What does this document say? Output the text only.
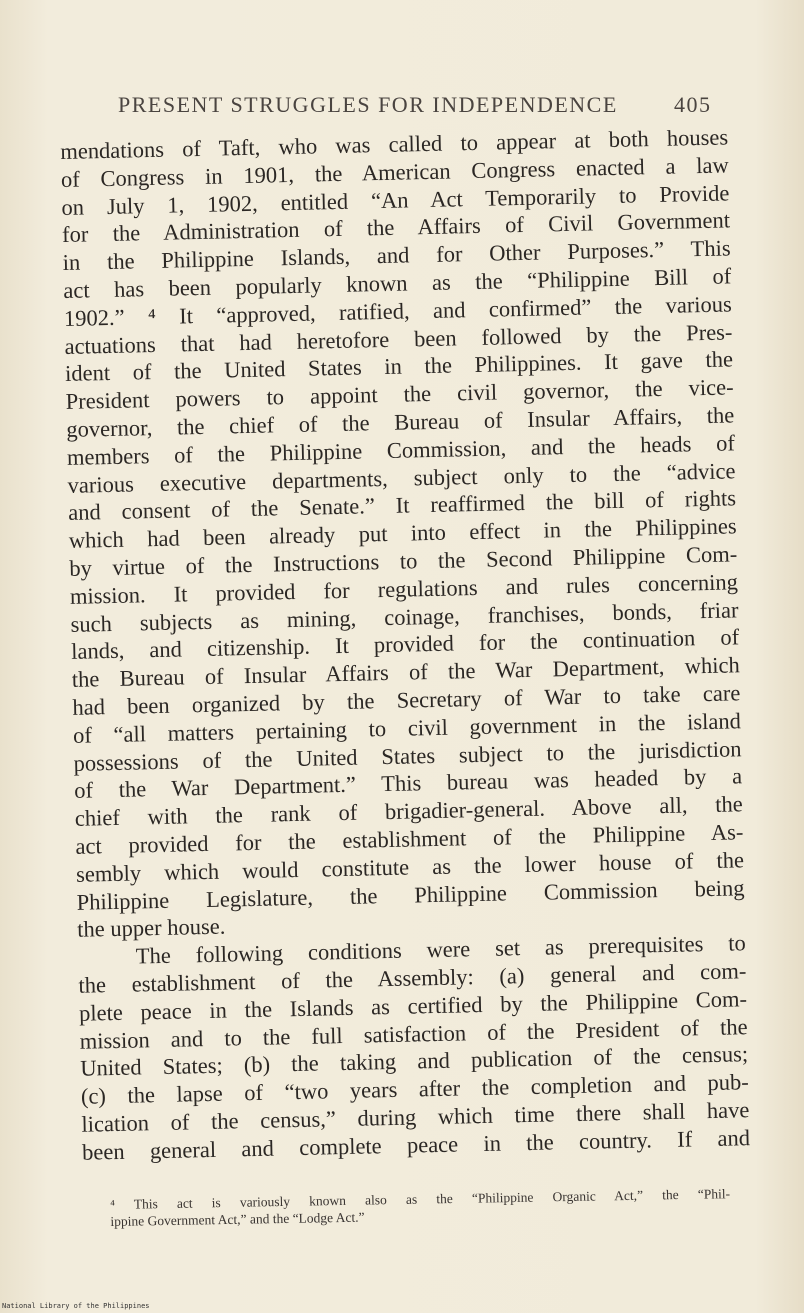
PRESENT STRUGGLES FOR INDEPENDENCE	405
mendations of Taft, who was called to appear at both houses
of Congress in 1901, the American Congress enacted a law
on July 1, 1902, entitled “An Act Temporarily to Provide
for the Administration of the Affairs of Civil Government
in the Philippine Islands, and for Other Purposes.” This
act has been popularly known as the “Philippine Bill of
1902.” ⁴ It “approved, ratified, and confirmed” the various
actuations that had heretofore been followed by the Pres-
ident of the United States in the Philippines. It gave the
President powers to appoint the civil governor, the vice-
governor, the chief of the Bureau of Insular Affairs, the
members of the Philippine Commission, and the heads of
various executive departments, subject only to the “advice
and consent of the Senate.” It reaffirmed the bill of rights
which had been already put into effect in the Philippines
by virtue of the Instructions to the Second Philippine Com-
mission. It provided for regulations and rules concerning
such subjects as mining, coinage, franchises, bonds, friar
lands, and citizenship. It provided for the continuation of
the Bureau of Insular Affairs of the War Department, which
had been organized by the Secretary of War to take care
of “all matters pertaining to civil government in the island
possessions of the United States subject to the jurisdiction
of the War Department.” This bureau was headed by a
chief with the rank of brigadier-general. Above all, the
act provided for the establishment of the Philippine As-
sembly which would constitute as the lower house of the
Philippine Legislature, the Philippine Commission being
the upper house.
The following conditions were set as prerequisites to
the establishment of the Assembly: (a) general and com-
plete peace in the Islands as certified by the Philippine Com-
mission and to the full satisfaction of the President of the
United States; (b) the taking and publication of the census;
(c) the lapse of “two years after the completion and pub-
lication of the census,” during which time there shall have
been general and complete peace in the country. If and
⁴ This act is variously known also as the “Philippine Organic Act,” the “Phil-
ippine Government Act,” and the “Lodge Act.”
National Library of the Philippines
